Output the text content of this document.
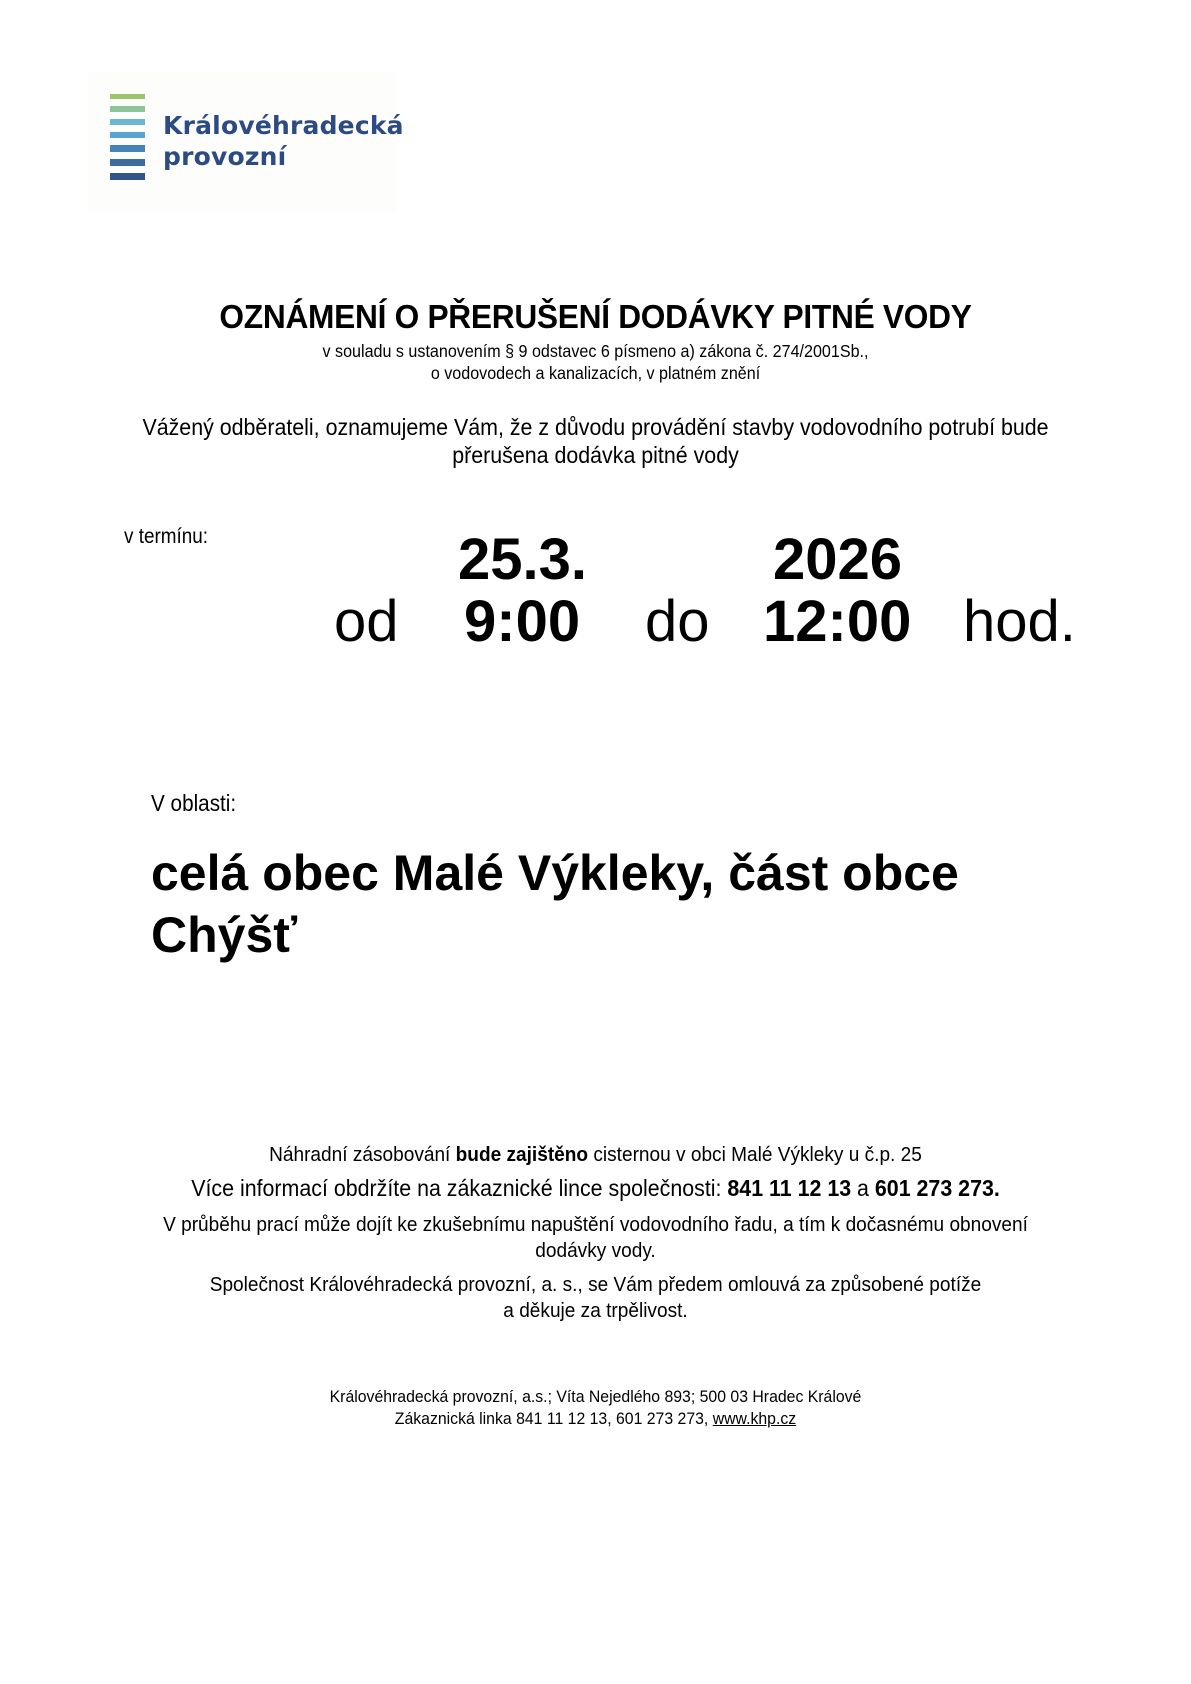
Královéhradecká
provozní
OZNÁMENÍ O PŘERUŠENÍ DODÁVKY PITNÉ VODY
v souladu s ustanovením § 9 odstavec 6 písmeno a) zákona č. 274/2001Sb.,
o vodovodech a kanalizacích, v platném znění
Vážený odběrateli, oznamujeme Vám, že z důvodu provádění stavby vodovodního potrubí bude
přerušena dodávka pitné vody
v termínu:	25.3.	2026
od 9:00 do 12:00 hod.
V oblasti:
celá obec Malé Výkleky, část obce
Chýšť
Náhradní zásobování bude zajištěno cisternou v obci Malé Výkleky u č.p. 25
Více informací obdržíte na zákaznické lince společnosti: 841 11 12 13 a 601 273 273.
V průběhu prací může dojít ke zkušebnímu napuštění vodovodního řadu, a tím k dočasnému obnovení
dodávky vody.
Společnost Královéhradecká provozní, a. s., se Vám předem omlouvá za způsobené potíže
a děkuje za trpělivost.
Královéhradecká provozní, a.s.; Víta Nejedlého 893; 500 03 Hradec Králové
Zákaznická linka 841 11 12 13, 601 273 273, www.khp.cz
